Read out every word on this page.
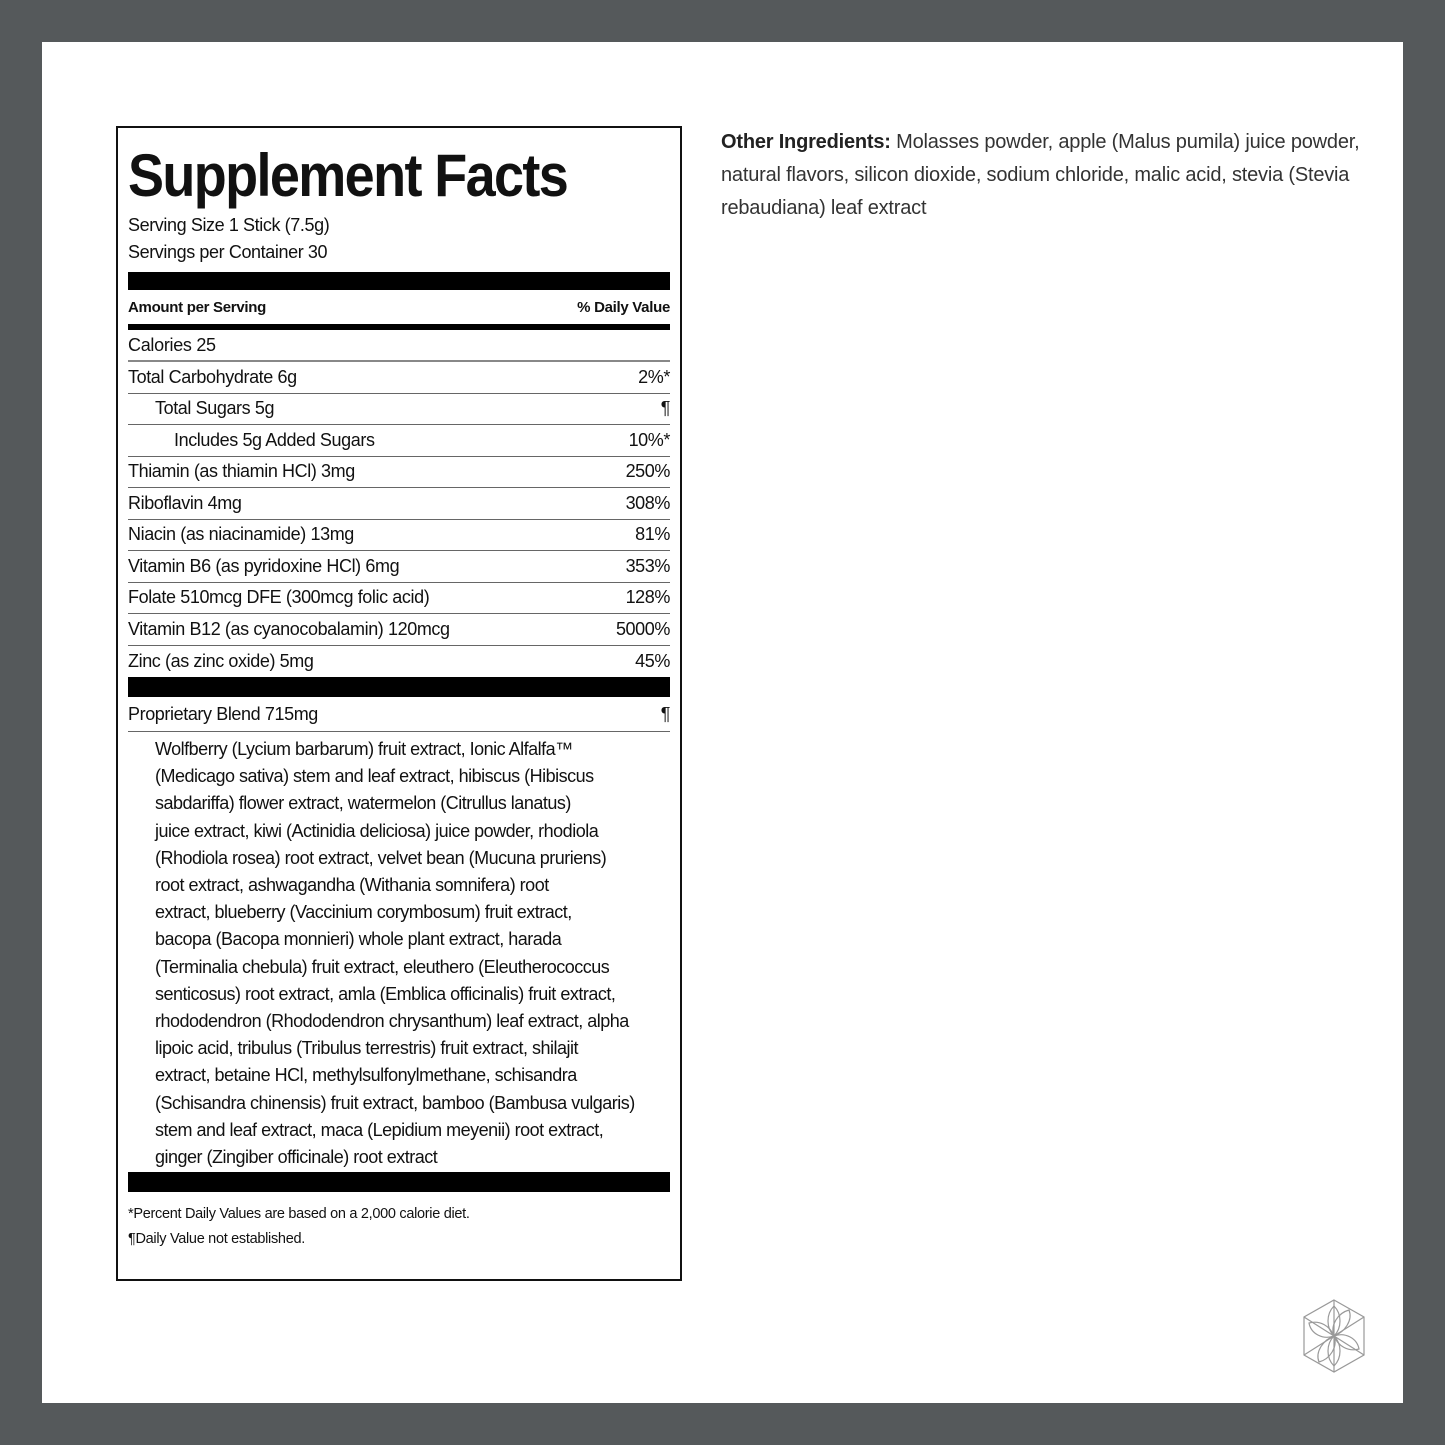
Supplement Facts
Serving Size 1 Stick (7.5g)
Servings per Container 30
Amount per Serving	% Daily Value
Calories 25
Total Carbohydrate 6g	2%*
Total Sugars 5g	¶
Includes 5g Added Sugars	10%*
Thiamin (as thiamin HCl) 3mg	250%
Riboflavin 4mg	308%
Niacin (as niacinamide) 13mg	81%
Vitamin B6 (as pyridoxine HCl) 6mg	353%
Folate 510mcg DFE (300mcg folic acid)	128%
Vitamin B12 (as cyanocobalamin) 120mcg	5000%
Zinc (as zinc oxide) 5mg	45%
Proprietary Blend 715mg	¶

Wolfberry (Lycium barbarum) fruit extract, Ionic Alfalfa™

(Medicago sativa) stem and leaf extract, hibiscus (Hibiscus

sabdariffa) flower extract, watermelon (Citrullus lanatus)

juice extract, kiwi (Actinidia deliciosa) juice powder, rhodiola

(Rhodiola rosea) root extract, velvet bean (Mucuna pruriens)

root extract, ashwagandha (Withania somnifera) root

extract, blueberry (Vaccinium corymbosum) fruit extract,

bacopa (Bacopa monnieri) whole plant extract, harada

(Terminalia chebula) fruit extract, eleuthero (Eleutherococcus

senticosus) root extract, amla (Emblica officinalis) fruit extract,

rhododendron (Rhododendron chrysanthum) leaf extract, alpha

lipoic acid, tribulus (Tribulus terrestris) fruit extract, shilajit

extract, betaine HCl, methylsulfonylmethane, schisandra

(Schisandra chinensis) fruit extract, bamboo (Bambusa vulgaris)

stem and leaf extract, maca (Lepidium meyenii) root extract,

ginger (Zingiber officinale) root extract

*Percent Daily Values are based on a 2,000 calorie diet.
¶Daily Value not established.
Other Ingredients: Molasses powder, apple (Malus pumila) juice powder, natural flavors, silicon dioxide, sodium chloride, malic acid, stevia (Stevia rebaudiana) leaf extract
